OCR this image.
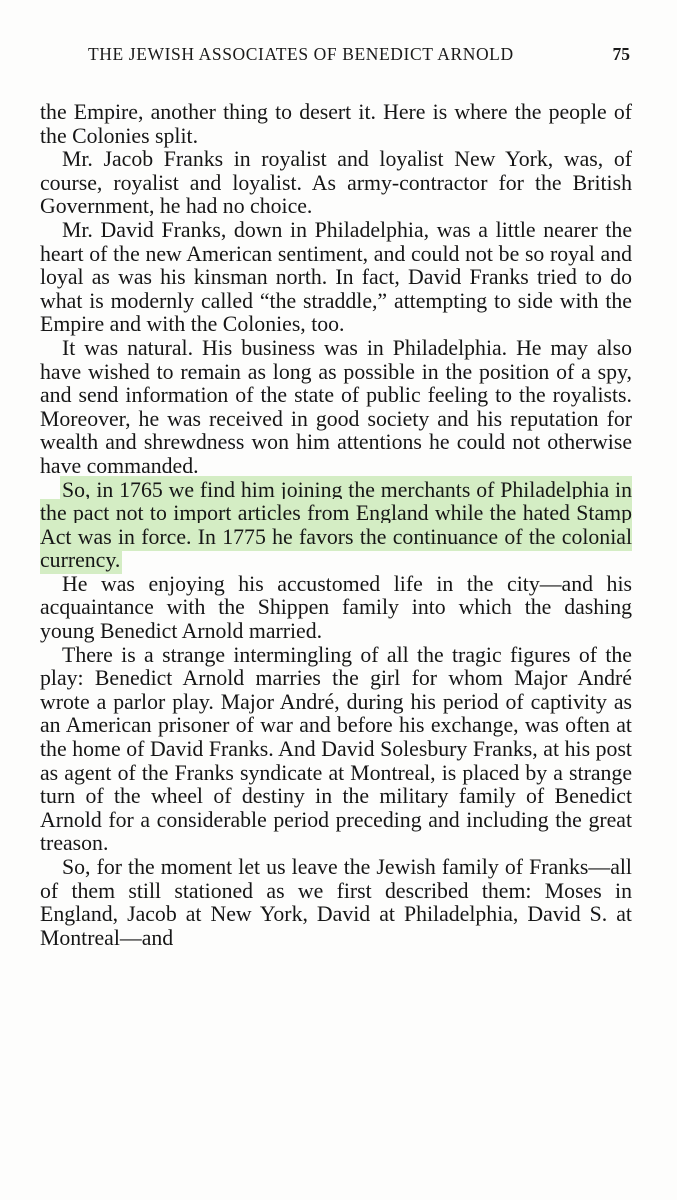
THE JEWISH ASSOCIATES OF BENEDICT ARNOLD	75

the Empire, another thing to desert it. Here is where the people of the Colonies split.

Mr. Jacob Franks in royalist and loyalist New York, was, of course, royalist and loyalist. As army-contractor for the British Government, he had no choice.

Mr. David Franks, down in Philadelphia, was a little nearer the heart of the new American sentiment, and could not be so royal and loyal as was his kinsman north. In fact, David Franks tried to do what is modernly called “the straddle,” attempting to side with the Empire and with the Colonies, too.

It was natural. His business was in Philadelphia. He may also have wished to remain as long as possible in the position of a spy, and send information of the state of public feeling to the royalists. Moreover, he was received in good society and his reputation for wealth and shrewdness won him attentions he could not otherwise have commanded.

So, in 1765 we find him joining the merchants of Philadelphia in the pact not to import articles from England while the hated Stamp Act was in force. In 1775 he favors the continuance of the colonial currency.

He was enjoying his accustomed life in the city—and his acquaintance with the Shippen family into which the dashing young Benedict Arnold married.

There is a strange intermingling of all the tragic figures of the play: Benedict Arnold marries the girl for whom Major André wrote a parlor play. Major André, during his period of captivity as an American prisoner of war and before his exchange, was often at the home of David Franks. And David Solesbury Franks, at his post as agent of the Franks syndicate at Montreal, is placed by a strange turn of the wheel of destiny in the military family of Benedict Arnold for a considerable period preceding and including the great treason.

So, for the moment let us leave the Jewish family of Franks—all of them still stationed as we first described them: Moses in England, Jacob at New York, David at Philadelphia, David S. at Montreal—and
